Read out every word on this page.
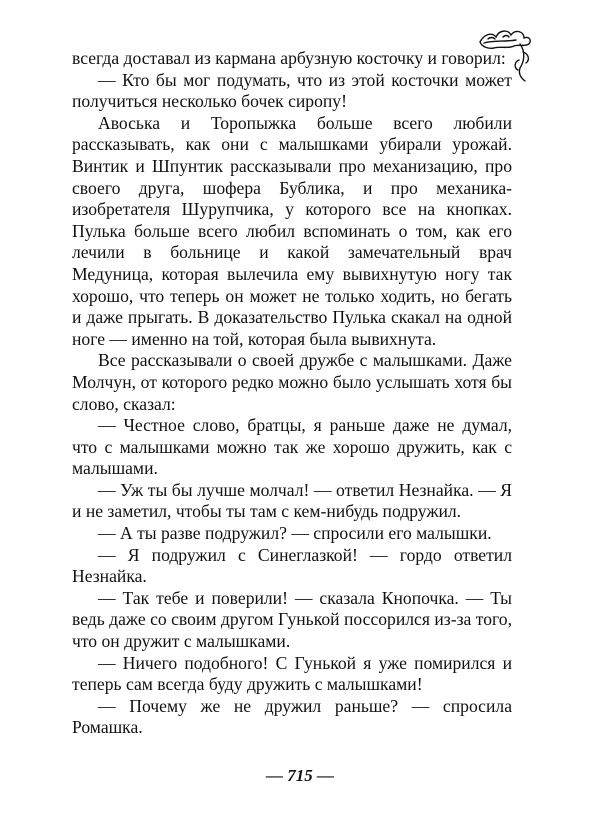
всегда доставал из кармана арбузную косточку и говорил:

— Кто бы мог подумать, что из этой косточки может получиться несколько бочек сиропу!

Авоська и Торопыжка больше всего любили рассказывать, как они с малышками убирали урожай. Винтик и Шпунтик рассказывали про механизацию, про своего друга, шофера Бублика, и про механика-изобретателя Шурупчика, у которого все на кнопках. Пулька больше всего любил вспоминать о том, как его лечили в больнице и какой замечательный врач Медуница, которая вылечила ему вывихнутую ногу так хорошо, что теперь он может не только ходить, но бегать и даже прыгать. В доказательство Пулька скакал на одной ноге — именно на той, которая была вывихнута.

Все рассказывали о своей дружбе с малышками. Даже Молчун, от которого редко можно было услышать хотя бы слово, сказал:

— Честное слово, братцы, я раньше даже не думал, что с малышками можно так же хорошо дружить, как с малышами.

— Уж ты бы лучше молчал! — ответил Незнайка. — Я и не заметил, чтобы ты там с кем-нибудь подружил.

— А ты разве подружил? — спросили его малышки.

— Я подружил с Синеглазкой! — гордо ответил Незнайка.

— Так тебе и поверили! — сказала Кнопочка. — Ты ведь даже со своим другом Гунькой поссорился из-за того, что он дружит с малышками.

— Ничего подобного! С Гунькой я уже помирился и теперь сам всегда буду дружить с малышками!

— Почему же не дружил раньше? — спросила Ромашка.

— 715 —
